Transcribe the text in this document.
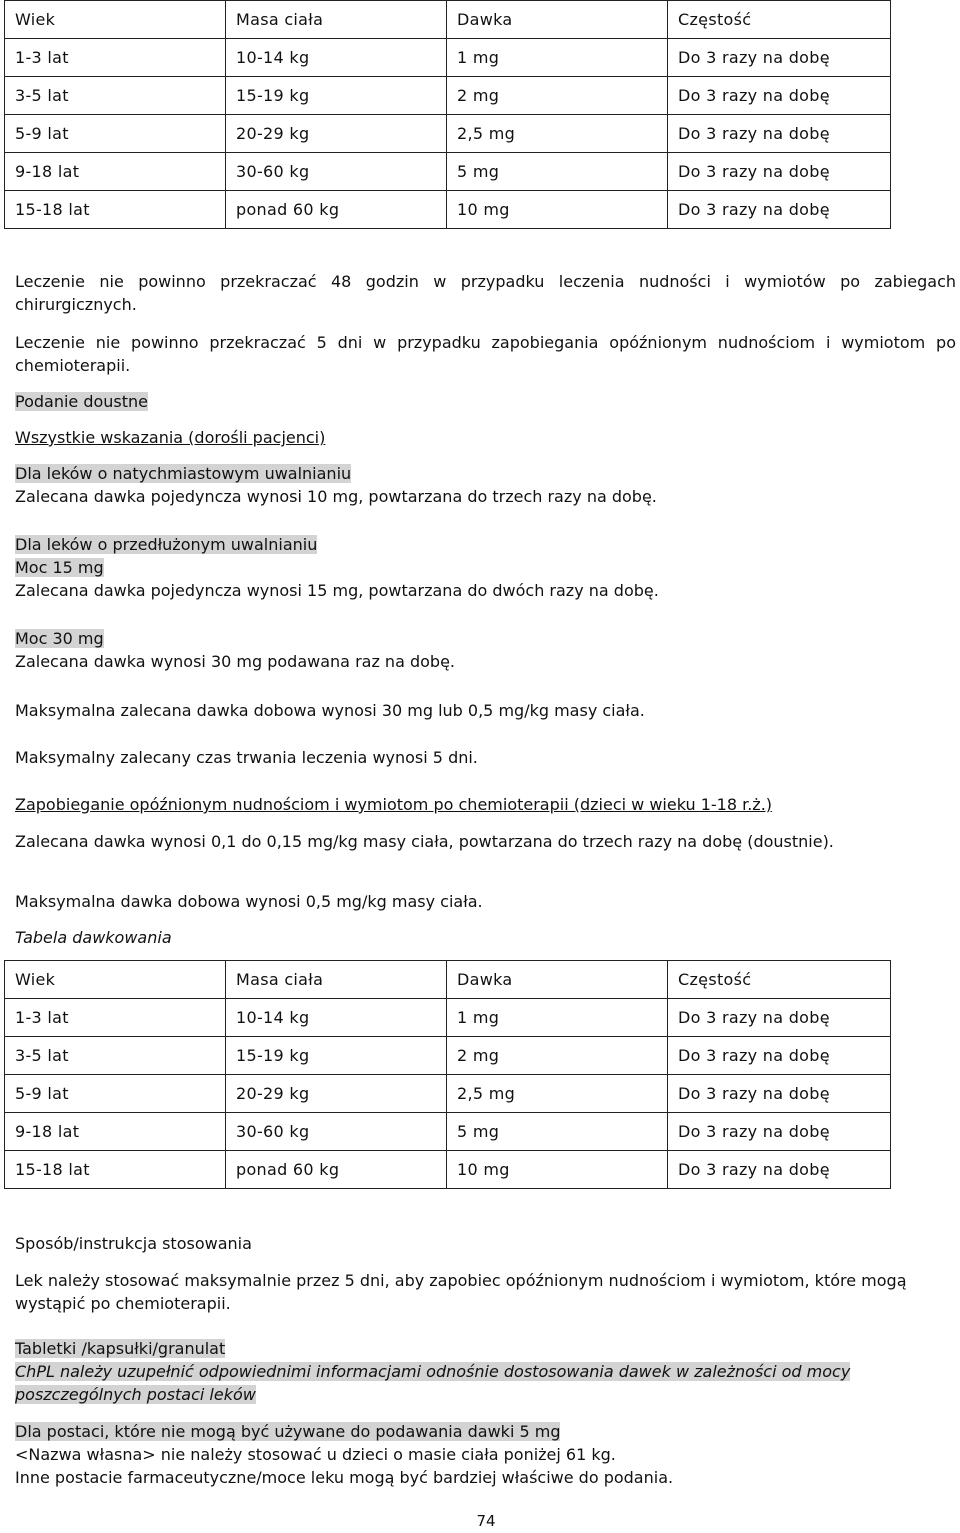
Wiek	Masa ciała	Dawka	Częstość
1-3 lat	10-14 kg	1 mg	Do 3 razy na dobę
3-5 lat	15-19 kg	2 mg	Do 3 razy na dobę
5-9 lat	20-29 kg	2,5 mg	Do 3 razy na dobę
9-18 lat	30-60 kg	5 mg	Do 3 razy na dobę
15-18 lat	ponad 60 kg	10 mg	Do 3 razy na dobę

Leczenie nie powinno przekraczać 48 godzin w przypadku leczenia nudności i wymiotów po zabiegach chirurgicznych.

Leczenie nie powinno przekraczać 5 dni w przypadku zapobiegania opóźnionym nudnościom i wymiotom po chemioterapii.

Podanie doustne

Wszystkie wskazania (dorośli pacjenci)

Dla leków o natychmiastowym uwalnianiu
Zalecana dawka pojedyncza wynosi 10 mg, powtarzana do trzech razy na dobę.

Dla leków o przedłużonym uwalnianiu
Moc 15 mg
Zalecana dawka pojedyncza wynosi 15 mg, powtarzana do dwóch razy na dobę.

Moc 30 mg
Zalecana dawka wynosi 30 mg podawana raz na dobę.

Maksymalna zalecana dawka dobowa wynosi 30 mg lub 0,5 mg/kg masy ciała.

Maksymalny zalecany czas trwania leczenia wynosi 5 dni.

Zapobieganie opóźnionym nudnościom i wymiotom po chemioterapii (dzieci w wieku 1-18 r.ż.)

Zalecana dawka wynosi 0,1 do 0,15 mg/kg masy ciała, powtarzana do trzech razy na dobę (doustnie).

Maksymalna dawka dobowa wynosi 0,5 mg/kg masy ciała.

Tabela dawkowania

Wiek	Masa ciała	Dawka	Częstość
1-3 lat	10-14 kg	1 mg	Do 3 razy na dobę
3-5 lat	15-19 kg	2 mg	Do 3 razy na dobę
5-9 lat	20-29 kg	2,5 mg	Do 3 razy na dobę
9-18 lat	30-60 kg	5 mg	Do 3 razy na dobę
15-18 lat	ponad 60 kg	10 mg	Do 3 razy na dobę

Sposób/instrukcja stosowania

Lek należy stosować maksymalnie przez 5 dni, aby zapobiec opóźnionym nudnościom i wymiotom, które mogą wystąpić po chemioterapii.

Tabletki /kapsułki/granulat
ChPL należy uzupełnić odpowiednimi informacjami odnośnie dostosowania dawek w zależności od mocy poszczególnych postaci leków

Dla postaci, które nie mogą być używane do podawania dawki 5 mg
<Nazwa własna> nie należy stosować u dzieci o masie ciała poniżej 61 kg.
Inne postacie farmaceutyczne/moce leku mogą być bardziej właściwe do podania.

74
